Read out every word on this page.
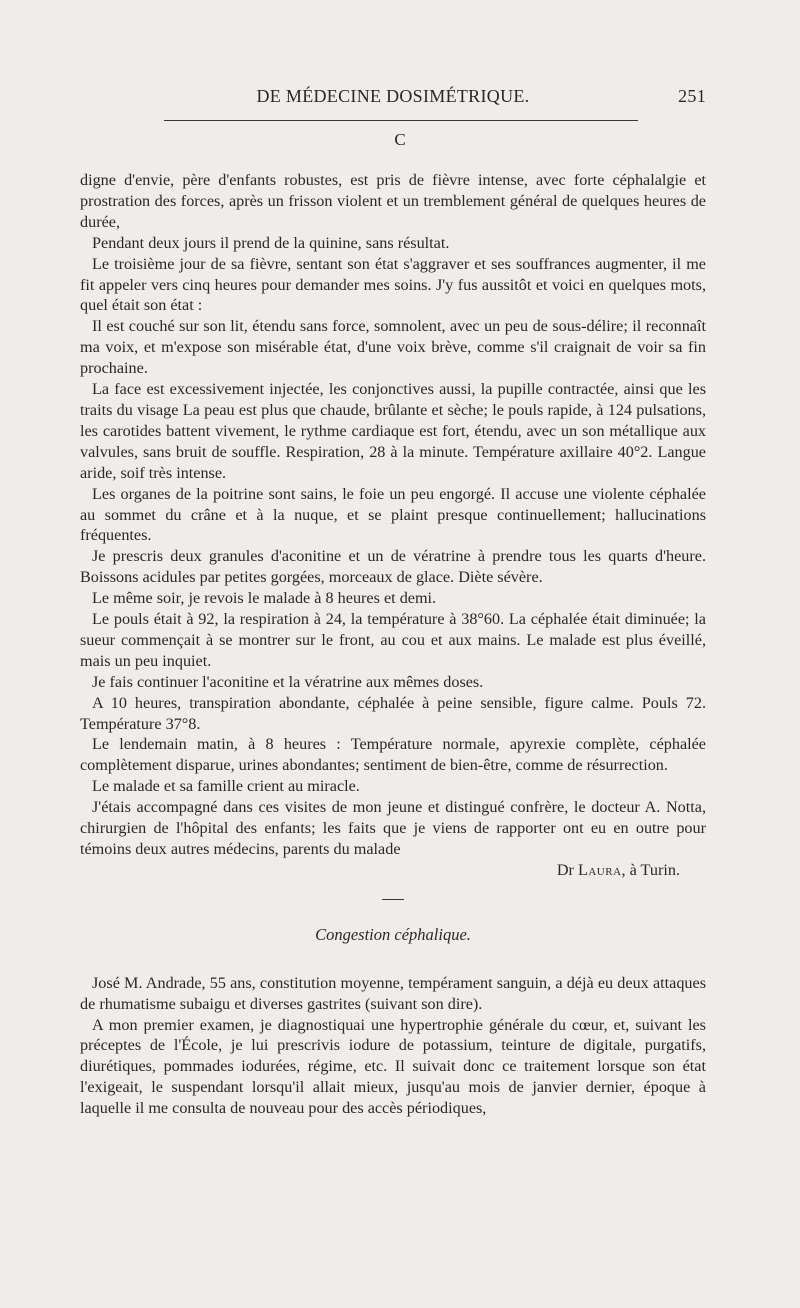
DE MÉDECINE DOSIMÉTRIQUE.	251
C

digne d'envie, père d'enfants robustes, est pris de fièvre intense, avec forte céphalalgie et prostration des forces, après un frisson violent et un tremblement général de quelques heures de durée,

Pendant deux jours il prend de la quinine, sans résultat.

Le troisième jour de sa fièvre, sentant son état s'aggraver et ses souffrances augmenter, il me fit appeler vers cinq heures pour demander mes soins. J'y fus aussitôt et voici en quelques mots, quel était son état :

Il est couché sur son lit, étendu sans force, somnolent, avec un peu de sous-délire; il reconnaît ma voix, et m'expose son misérable état, d'une voix brève, comme s'il craignait de voir sa fin prochaine.

La face est excessivement injectée, les conjonctives aussi, la pupille contractée, ainsi que les traits du visage La peau est plus que chaude, brûlante et sèche; le pouls rapide, à 124 pulsations, les carotides battent vivement, le rythme cardiaque est fort, étendu, avec un son métallique aux valvules, sans bruit de souffle. Respiration, 28 à la minute. Température axillaire 40°2. Langue aride, soif très intense.

Les organes de la poitrine sont sains, le foie un peu engorgé. Il accuse une violente céphalée au sommet du crâne et à la nuque, et se plaint presque continuellement; hallucinations fréquentes.

Je prescris deux granules d'aconitine et un de vératrine à prendre tous les quarts d'heure. Boissons acidules par petites gorgées, morceaux de glace. Diète sévère.

Le même soir, je revois le malade à 8 heures et demi.

Le pouls était à 92, la respiration à 24, la température à 38°60. La céphalée était diminuée; la sueur commençait à se montrer sur le front, au cou et aux mains. Le malade est plus éveillé, mais un peu inquiet.

Je fais continuer l'aconitine et la vératrine aux mêmes doses.

A 10 heures, transpiration abondante, céphalée à peine sensible, figure calme. Pouls 72. Température 37°8.

Le lendemain matin, à 8 heures : Température normale, apyrexie complète, céphalée complètement disparue, urines abondantes; sentiment de bien-être, comme de résurrection.

Le malade et sa famille crient au miracle.

J'étais accompagné dans ces visites de mon jeune et distingué confrère, le docteur A. Notta, chirurgien de l'hôpital des enfants; les faits que je viens de rapporter ont eu en outre pour témoins deux autres médecins, parents du malade

Dr Laura, à Turin.

Congestion céphalique.

José M. Andrade, 55 ans, constitution moyenne, tempérament sanguin, a déjà eu deux attaques de rhumatisme subaigu et diverses gastrites (suivant son dire).

A mon premier examen, je diagnostiquai une hypertrophie générale du cœur, et, suivant les préceptes de l'École, je lui prescrivis iodure de potassium, teinture de digitale, purgatifs, diurétiques, pommades iodurées, régime, etc. Il suivait donc ce traitement lorsque son état l'exigeait, le suspendant lorsqu'il allait mieux, jusqu'au mois de janvier dernier, époque à laquelle il me consulta de nouveau pour des accès périodiques,
